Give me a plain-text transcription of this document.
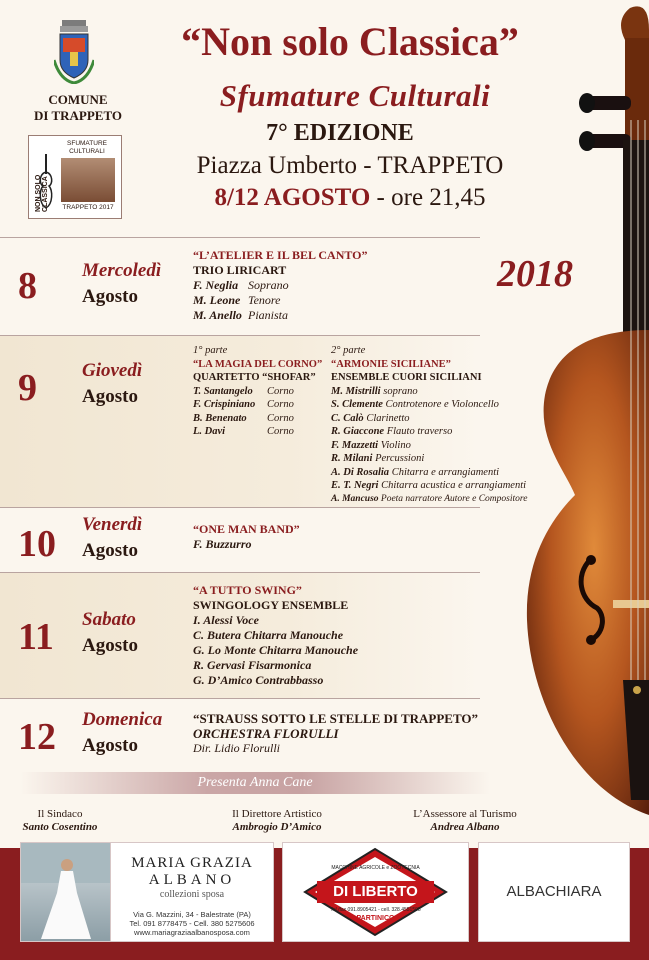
COMUNE
DI TRAPPETO
NON SOLO CLASSICA
SFUMATURE
CULTURALI
TRAPPETO 2017
“Non solo Classica”
Sfumature Culturali
7° EDIZIONE
Piazza Umberto - TRAPPETO
8/12 AGOSTO - ore 21,45
2018
8 Mercoledì
Agosto
“L’ATELIER E IL BEL CANTO”
TRIO LIRICART
F. Neglia Soprano
M. Leone Tenore
M. Anello Pianista
9 Giovedì
Agosto
1° parte
“LA MAGIA DEL CORNO”
QUARTETTO “SHOFAR”
T. Santangelo Corno
F. Crispiniano Corno
B. Benenato Corno
L. Davi	Corno
2° parte
“ARMONIE SICILIANE”
ENSEMBLE CUORI SICILIANI
M. Mistrilli soprano
S. Clemente Controtenore e Violoncello
C. Calò Clarinetto
R. Giaccone Flauto traverso
F. Mazzetti Violino
R. Milani Percussioni
A. Di Rosalia Chitarra e arrangiamenti
E. T. Negri Chitarra acustica e arrangiamenti
A. Mancuso Poeta narratore Autore e Compositore
10 Venerdì
Agosto
“ONE MAN BAND”
F. Buzzurro
11 Sabato
Agosto
“A TUTTO SWING”
SWINGOLOGY ENSEMBLE
I. Alessi Voce
C. Butera Chitarra Manouche
G. Lo Monte Chitarra Manouche
R. Gervasi Fisarmonica
G. D’Amico Contrabbasso
12 Domenica
Agosto
“STRAUSS SOTTO LE STELLE DI TRAPPETO”
ORCHESTRA FLORULLI
Dir. Lidio Florulli
Presenta Anna Cane
Il Sindaco
Santo Cosentino
Il Direttore Artistico
Ambrogio D’Amico
L’Assessore al Turismo
Andrea Albano
MARIA GRAZIA
ALBANO
collezioni sposa
Via G. Mazzini, 34 - Balestrate (PA)
Tel. 091 8778475 - Cell. 380 5275606
www.mariagraziaalbanosposa.com
MACCHINE AGRICOLE e ZOOTECNIA
DI LIBERTO
Tel./fax 091.8905421 - cell. 328.4551508
PARTINICO
ALBACHIARA
